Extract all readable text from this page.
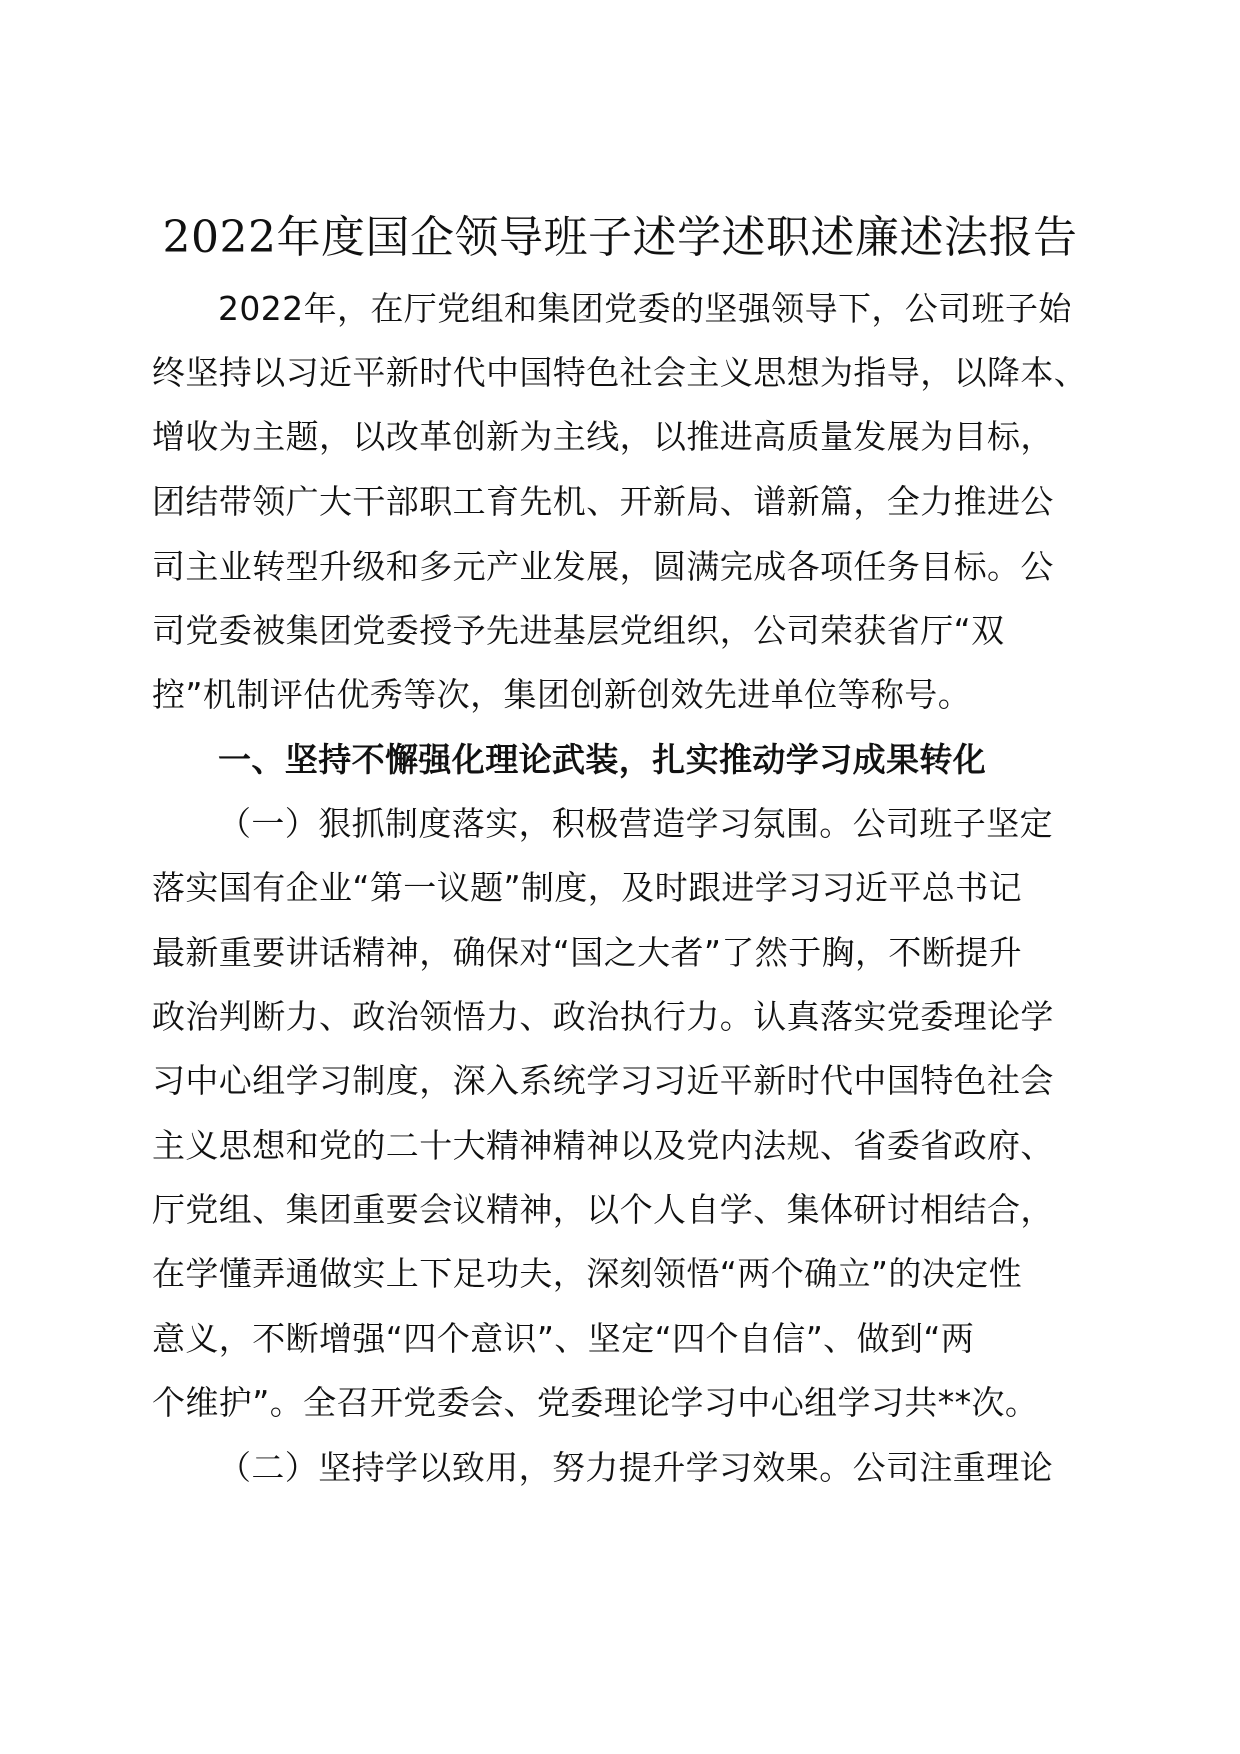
2022年度国企领导班子述学述职述廉述法报告

2022年，在厅党组和集团党委的坚强领导下，公司班子始

终坚持以习近平新时代中国特色社会主义思想为指导，以降本、

增收为主题，以改革创新为主线，以推进高质量发展为目标，

团结带领广大干部职工育先机、开新局、谱新篇，全力推进公

司主业转型升级和多元产业发展，圆满完成各项任务目标。公

司党委被集团党委授予先进基层党组织，公司荣获省厅“双

控”机制评估优秀等次，集团创新创效先进单位等称号。

一、坚持不懈强化理论武装，扎实推动学习成果转化

（一）狠抓制度落实，积极营造学习氛围。公司班子坚定

落实国有企业“第一议题”制度，及时跟进学习习近平总书记

最新重要讲话精神，确保对“国之大者”了然于胸，不断提升

政治判断力、政治领悟力、政治执行力。认真落实党委理论学

习中心组学习制度，深入系统学习习近平新时代中国特色社会

主义思想和党的二十大精神精神以及党内法规、省委省政府、

厅党组、集团重要会议精神，以个人自学、集体研讨相结合，

在学懂弄通做实上下足功夫，深刻领悟“两个确立”的决定性

意义，不断增强“四个意识”、坚定“四个自信”、做到“两

个维护”。全召开党委会、党委理论学习中心组学习共**次。

（二）坚持学以致用，努力提升学习效果。公司注重理论
